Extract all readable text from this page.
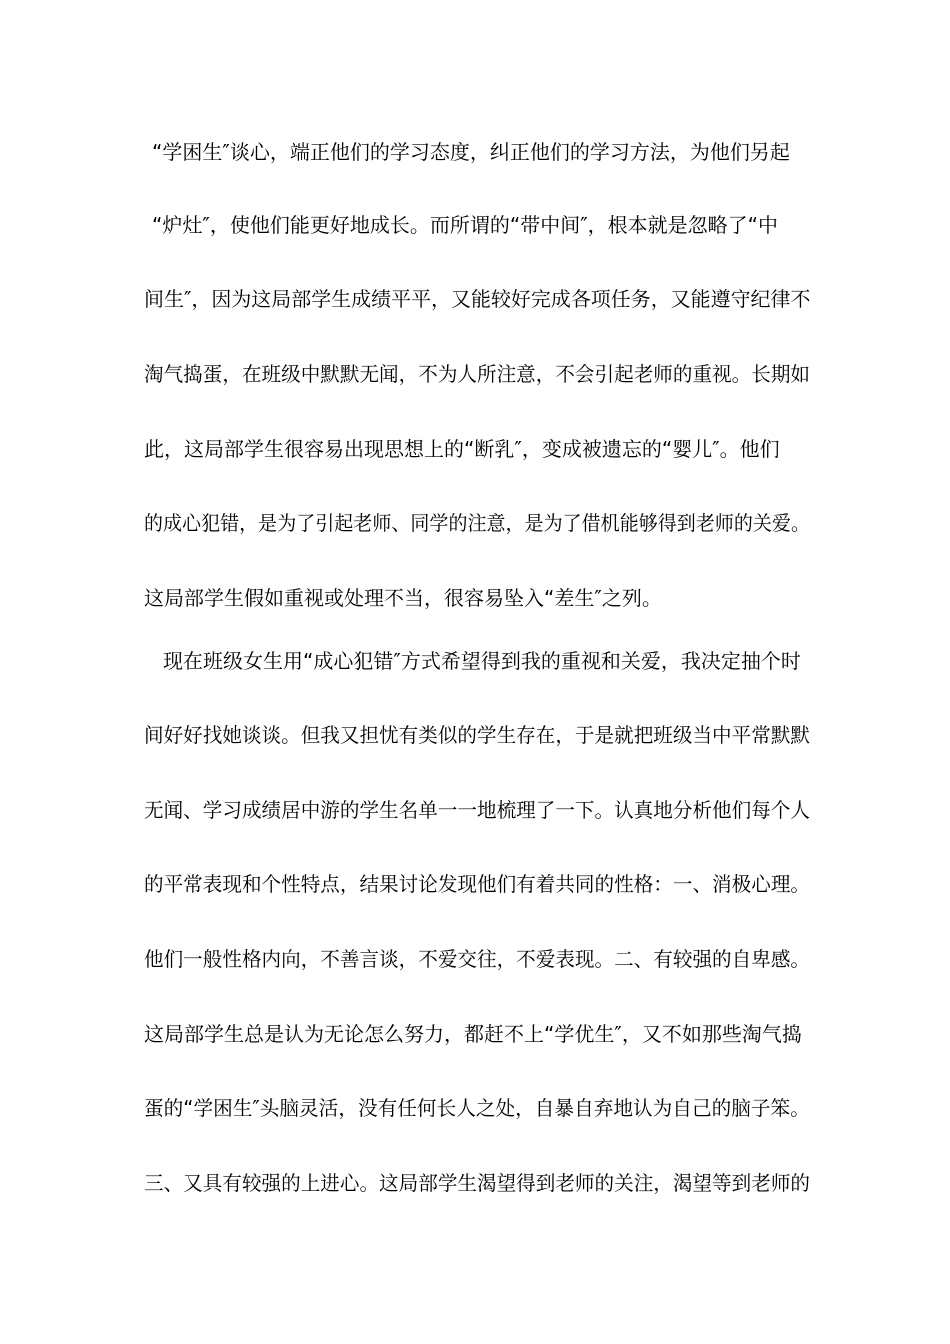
“学困生″谈心，端正他们的学习态度，纠正他们的学习方法，为他们另起
“炉灶″，使他们能更好地成长。而所谓的“带中间″，根本就是忽略了“中
间生″，因为这局部学生成绩平平，又能较好完成各项任务，又能遵守纪律不
淘气捣蛋，在班级中默默无闻，不为人所注意，不会引起老师的重视。长期如
此，这局部学生很容易出现思想上的“断乳″，变成被遗忘的“婴儿″。他们
的成心犯错，是为了引起老师、同学的注意，是为了借机能够得到老师的关爱。
这局部学生假如重视或处理不当，很容易坠入“差生″之列。
现在班级女生用“成心犯错″方式希望得到我的重视和关爱，我决定抽个时
间好好找她谈谈。但我又担忧有类似的学生存在，于是就把班级当中平常默默
无闻、学习成绩居中游的学生名单一一地梳理了一下。认真地分析他们每个人
的平常表现和个性特点，结果讨论发现他们有着共同的性格：一、消极心理。
他们一般性格内向，不善言谈，不爱交往，不爱表现。二、有较强的自卑感。
这局部学生总是认为无论怎么努力，都赶不上“学优生″，又不如那些淘气捣
蛋的“学困生″头脑灵活，没有任何长人之处，自暴自弃地认为自己的脑子笨。
三、又具有较强的上进心。这局部学生渴望得到老师的关注，渴望等到老师的
